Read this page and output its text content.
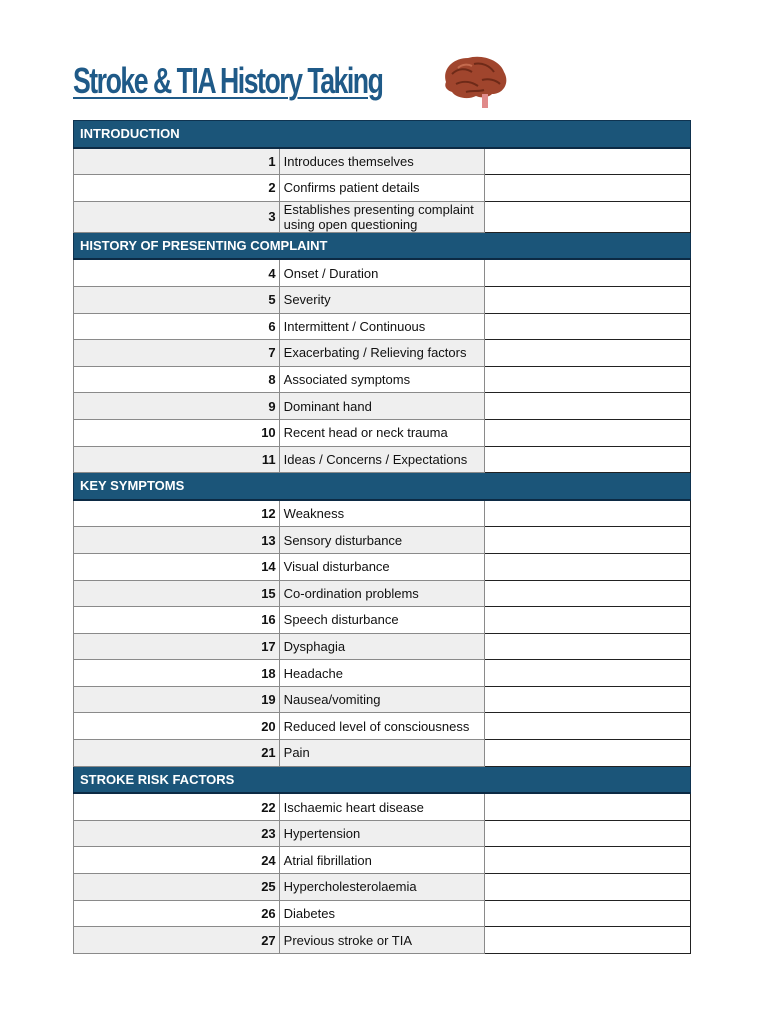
Stroke & TIA History Taking
INTRODUCTION		
1	Introduces themselves	
2	Confirms patient details	
3	Establishes presenting complaint using open questioning	
HISTORY OF PRESENTING COMPLAINT		
4	Onset / Duration	
5	Severity	
6	Intermittent / Continuous	
7	Exacerbating / Relieving factors	
8	Associated symptoms	
9	Dominant hand	
10	Recent head or neck trauma	
11	Ideas / Concerns / Expectations	
KEY SYMPTOMS		
12	Weakness	
13	Sensory disturbance	
14	Visual disturbance	
15	Co-ordination problems	
16	Speech disturbance	
17	Dysphagia	
18	Headache	
19	Nausea/vomiting	
20	Reduced level of consciousness	
21	Pain	
STROKE RISK FACTORS		
22	Ischaemic heart disease	
23	Hypertension	
24	Atrial fibrillation	
25	Hypercholesterolaemia	
26	Diabetes	
27	Previous stroke or TIA	
